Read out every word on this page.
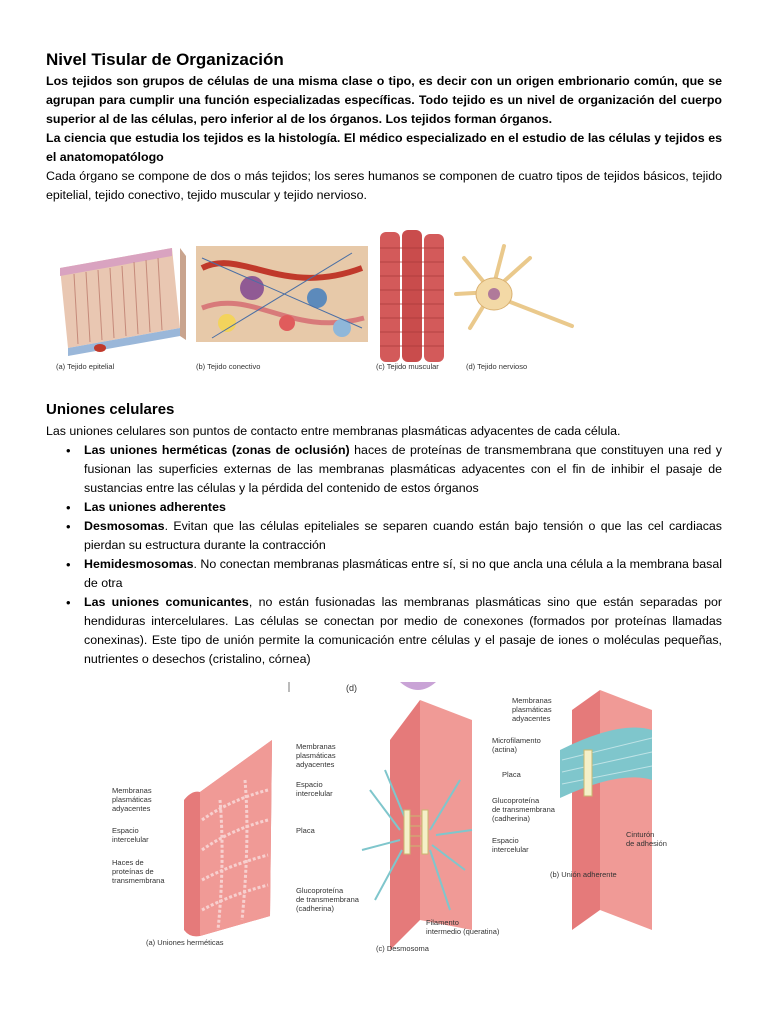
Nivel Tisular de Organización

Los tejidos son grupos de células de una misma clase o tipo, es decir con un origen embrionario común, que se agrupan para cumplir una función especializadas específicas. Todo tejido es un nivel de organización del cuerpo superior al de las células, pero inferior al de los órganos. Los tejidos forman órganos.

La ciencia que estudia los tejidos es la histología. El médico especializado en el estudio de las células y tejidos es el anatomopatólogo

Cada órgano se compone de dos o más tejidos; los seres humanos se componen de cuatro tipos de tejidos básicos, tejido epitelial, tejido conectivo, tejido muscular y tejido nervioso.

(a) Tejido epitelial	(b) Tejido conectivo	(c) Tejido muscular	(d) Tejido nervioso
Uniones celulares

Las uniones celulares son puntos de contacto entre membranas plasmáticas adyacentes de cada célula.

• Las uniones herméticas (zonas de oclusión) haces de proteínas de transmembrana que constituyen una red y fusionan las superficies externas de las membranas plasmáticas adyacentes con el fin de inhibir el pasaje de sustancias entre las células y la pérdida del contenido de estos órganos
• Las uniones adherentes
• Desmosomas. Evitan que las células epiteliales se separen cuando están bajo tensión o que las cel cardiacas pierdan su estructura durante la contracción
• Hemidesmosomas. No conectan membranas plasmáticas entre sí, si no que ancla una célula a la membrana basal de otra
• Las uniones comunicantes, no están fusionadas las membranas plasmáticas sino que están separadas por hendiduras intercelulares. Las células se conectan por medio de conexones (formados por proteínas llamadas conexinas). Este tipo de unión permite la comunicación entre células y el pasaje de iones o moléculas pequeñas, nutrientes o desechos (cristalino, córnea)
(d)
Membranas
plasmáticas
adyacentes
Espacio
intercelular
Haces de
proteínas de
transmembrana
(a) Uniones herméticas
Membranas
plasmáticas
adyacentes
Espacio
intercelular
Placa
Glucoproteína
de transmembrana
(cadherina)
Filamento
intermedio (queratina)
(c) Desmosoma
Membranas
plasmáticas
adyacentes
Microfilamento
(actina)
Placa
Glucoproteína
de transmembrana
(cadherina)
Espacio
intercelular
Cinturón
de adhesión
(b) Unión adherente
